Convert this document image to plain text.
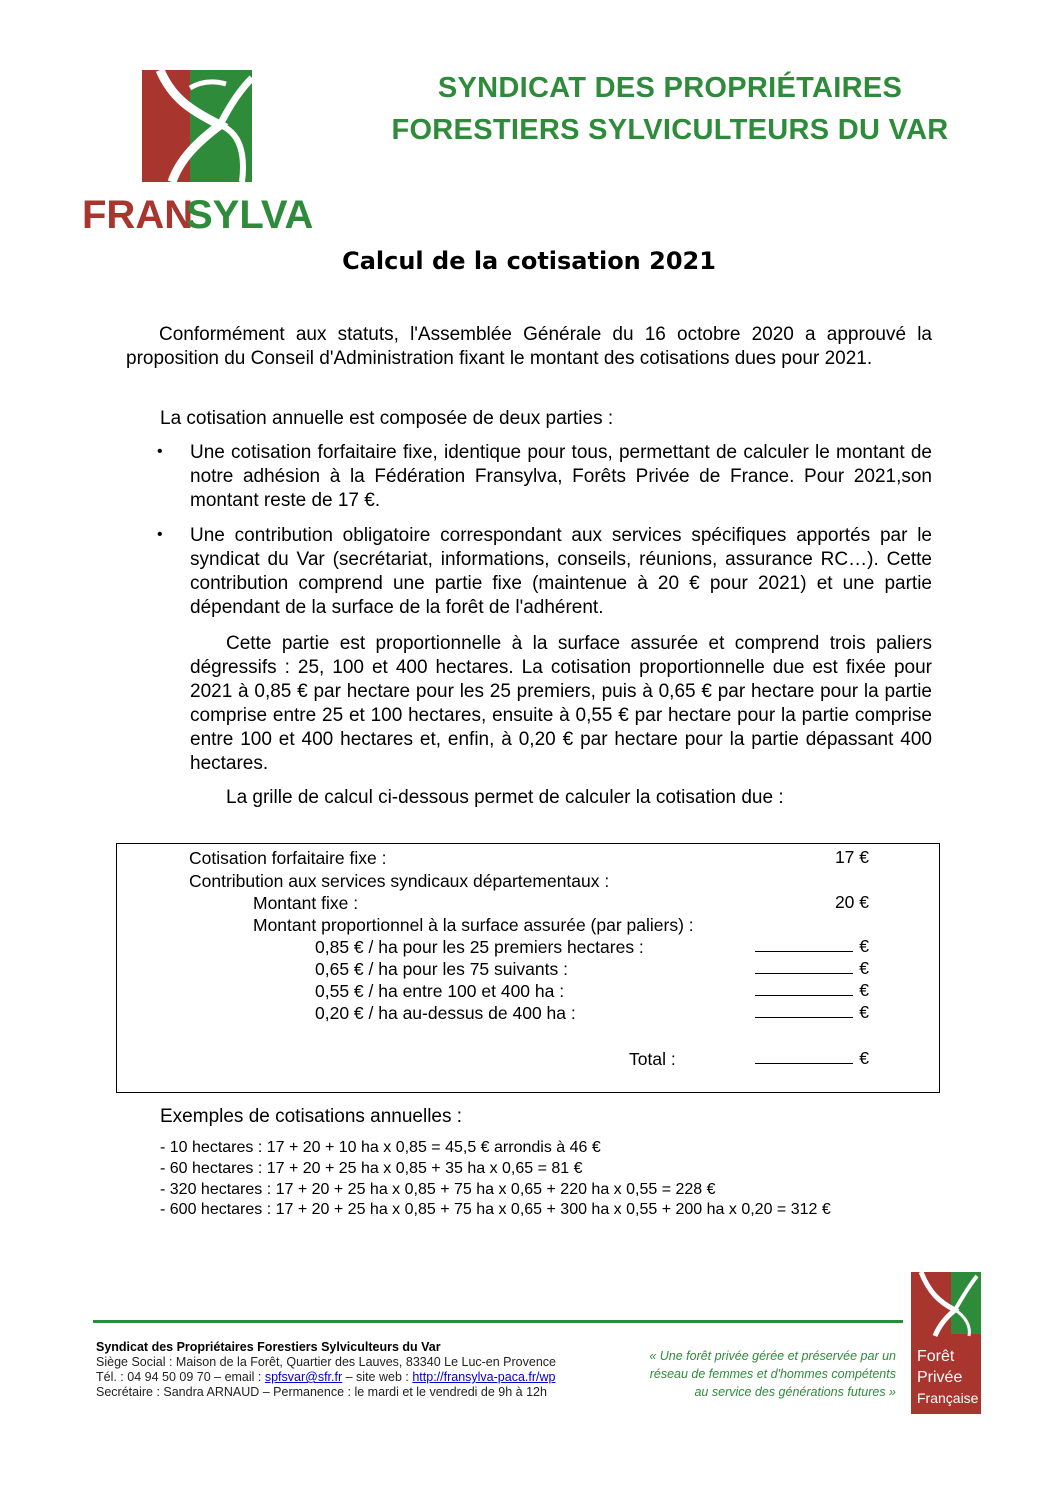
FRAN
SYLVA
SYNDICAT DES PROPRIÉTAIRES
FORESTIERS SYLVICULTEURS DU VAR
Calcul de la cotisation 2021
Conformément aux statuts, l'Assemblée Générale du 16 octobre 2020 a approuvé la proposition du Conseil d'Administration fixant le montant des cotisations dues pour 2021.
La cotisation annuelle est composée de deux parties :
• Une cotisation forfaitaire fixe, identique pour tous, permettant de calculer le montant de notre adhésion à la Fédération Fransylva, Forêts Privée de France. Pour 2021,son montant reste de 17 €.
• Une contribution obligatoire correspondant aux services spécifiques apportés par le syndicat du Var (secrétariat, informations, conseils, réunions, assurance RC…). Cette contribution comprend une partie fixe (maintenue à 20 € pour 2021) et une partie dépendant de la surface de la forêt de l'adhérent.
Cette partie est proportionnelle à la surface assurée et comprend trois paliers dégressifs : 25, 100 et 400 hectares. La cotisation proportionnelle due est fixée pour 2021 à 0,85 € par hectare pour les 25 premiers, puis à 0,65 € par hectare pour la partie comprise entre 25 et 100 hectares, ensuite à 0,55 € par hectare pour la partie comprise entre 100 et 400 hectares et, enfin, à 0,20 € par hectare pour la partie dépassant 400 hectares.
La grille de calcul ci-dessous permet de calculer la cotisation due :
Cotisation forfaitaire fixe :	17 €
Contribution aux services syndicaux départementaux :
Montant fixe :	20 €
Montant proportionnel à la surface assurée (par paliers) :
0,85 € / ha pour les 25 premiers hectares :	€
0,65 € / ha pour les 75 suivants :	€
0,55 € / ha entre 100 et 400 ha :	€
0,20 € / ha au-dessus de 400 ha :	€
Total :	€
Exemples de cotisations annuelles :
- 10 hectares : 17 + 20 + 10 ha x 0,85 = 45,5 € arrondis à 46 €
- 60 hectares : 17 + 20 + 25 ha x 0,85 + 35 ha x 0,65 = 81 €
- 320 hectares : 17 + 20 + 25 ha x 0,85 + 75 ha x 0,65 + 220 ha x 0,55 = 228 €
- 600 hectares : 17 + 20 + 25 ha x 0,85 + 75 ha x 0,65 + 300 ha x 0,55 + 200 ha x 0,20 = 312 €
Syndicat des Propriétaires Forestiers Sylviculteurs du Var
Siège Social : Maison de la Forêt, Quartier des Lauves, 83340 Le Luc-en Provence
Tél. : 04 94 50 09 70 – email : spfsvar@sfr.fr – site web : http://fransylva-paca.fr/wp
Secrétaire : Sandra ARNAUD – Permanence : le mardi et le vendredi de 9h à 12h
« Une forêt privée gérée et préservée par un
réseau de femmes et d'hommes compétents
au service des générations futures »
Forêt
Privée
Française
